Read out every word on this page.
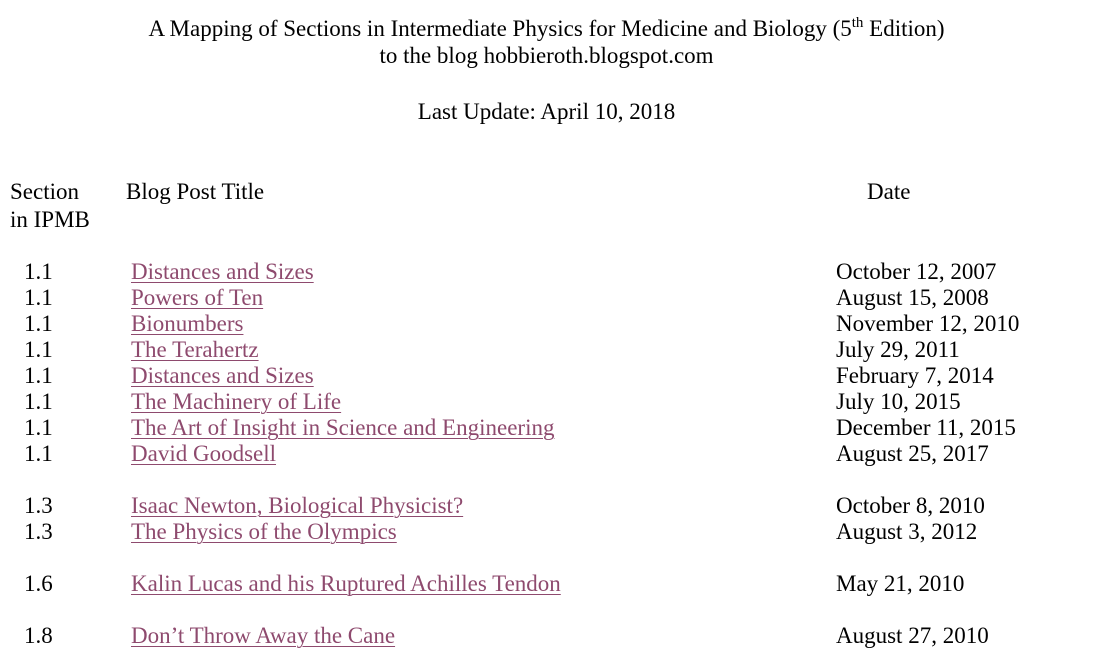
A Mapping of Sections in Intermediate Physics for Medicine and Biology (5th Edition)
to the blog hobbieroth.blogspot.com
Last Update: April 10, 2018
Section
in IPMB
Blog Post Title	Date
1.1	Distances and Sizes	October 12, 2007
1.1	Powers of Ten	August 15, 2008
1.1	Bionumbers	November 12, 2010
1.1	The Terahertz	July 29, 2011
1.1	Distances and Sizes	February 7, 2014
1.1	The Machinery of Life	July 10, 2015
1.1	The Art of Insight in Science and Engineering	December 11, 2015
1.1	David Goodsell	August 25, 2017
1.3	Isaac Newton, Biological Physicist?	October 8, 2010
1.3	The Physics of the Olympics	August 3, 2012
1.6	Kalin Lucas and his Ruptured Achilles Tendon	May 21, 2010
1.8	Don’t Throw Away the Cane	August 27, 2010
